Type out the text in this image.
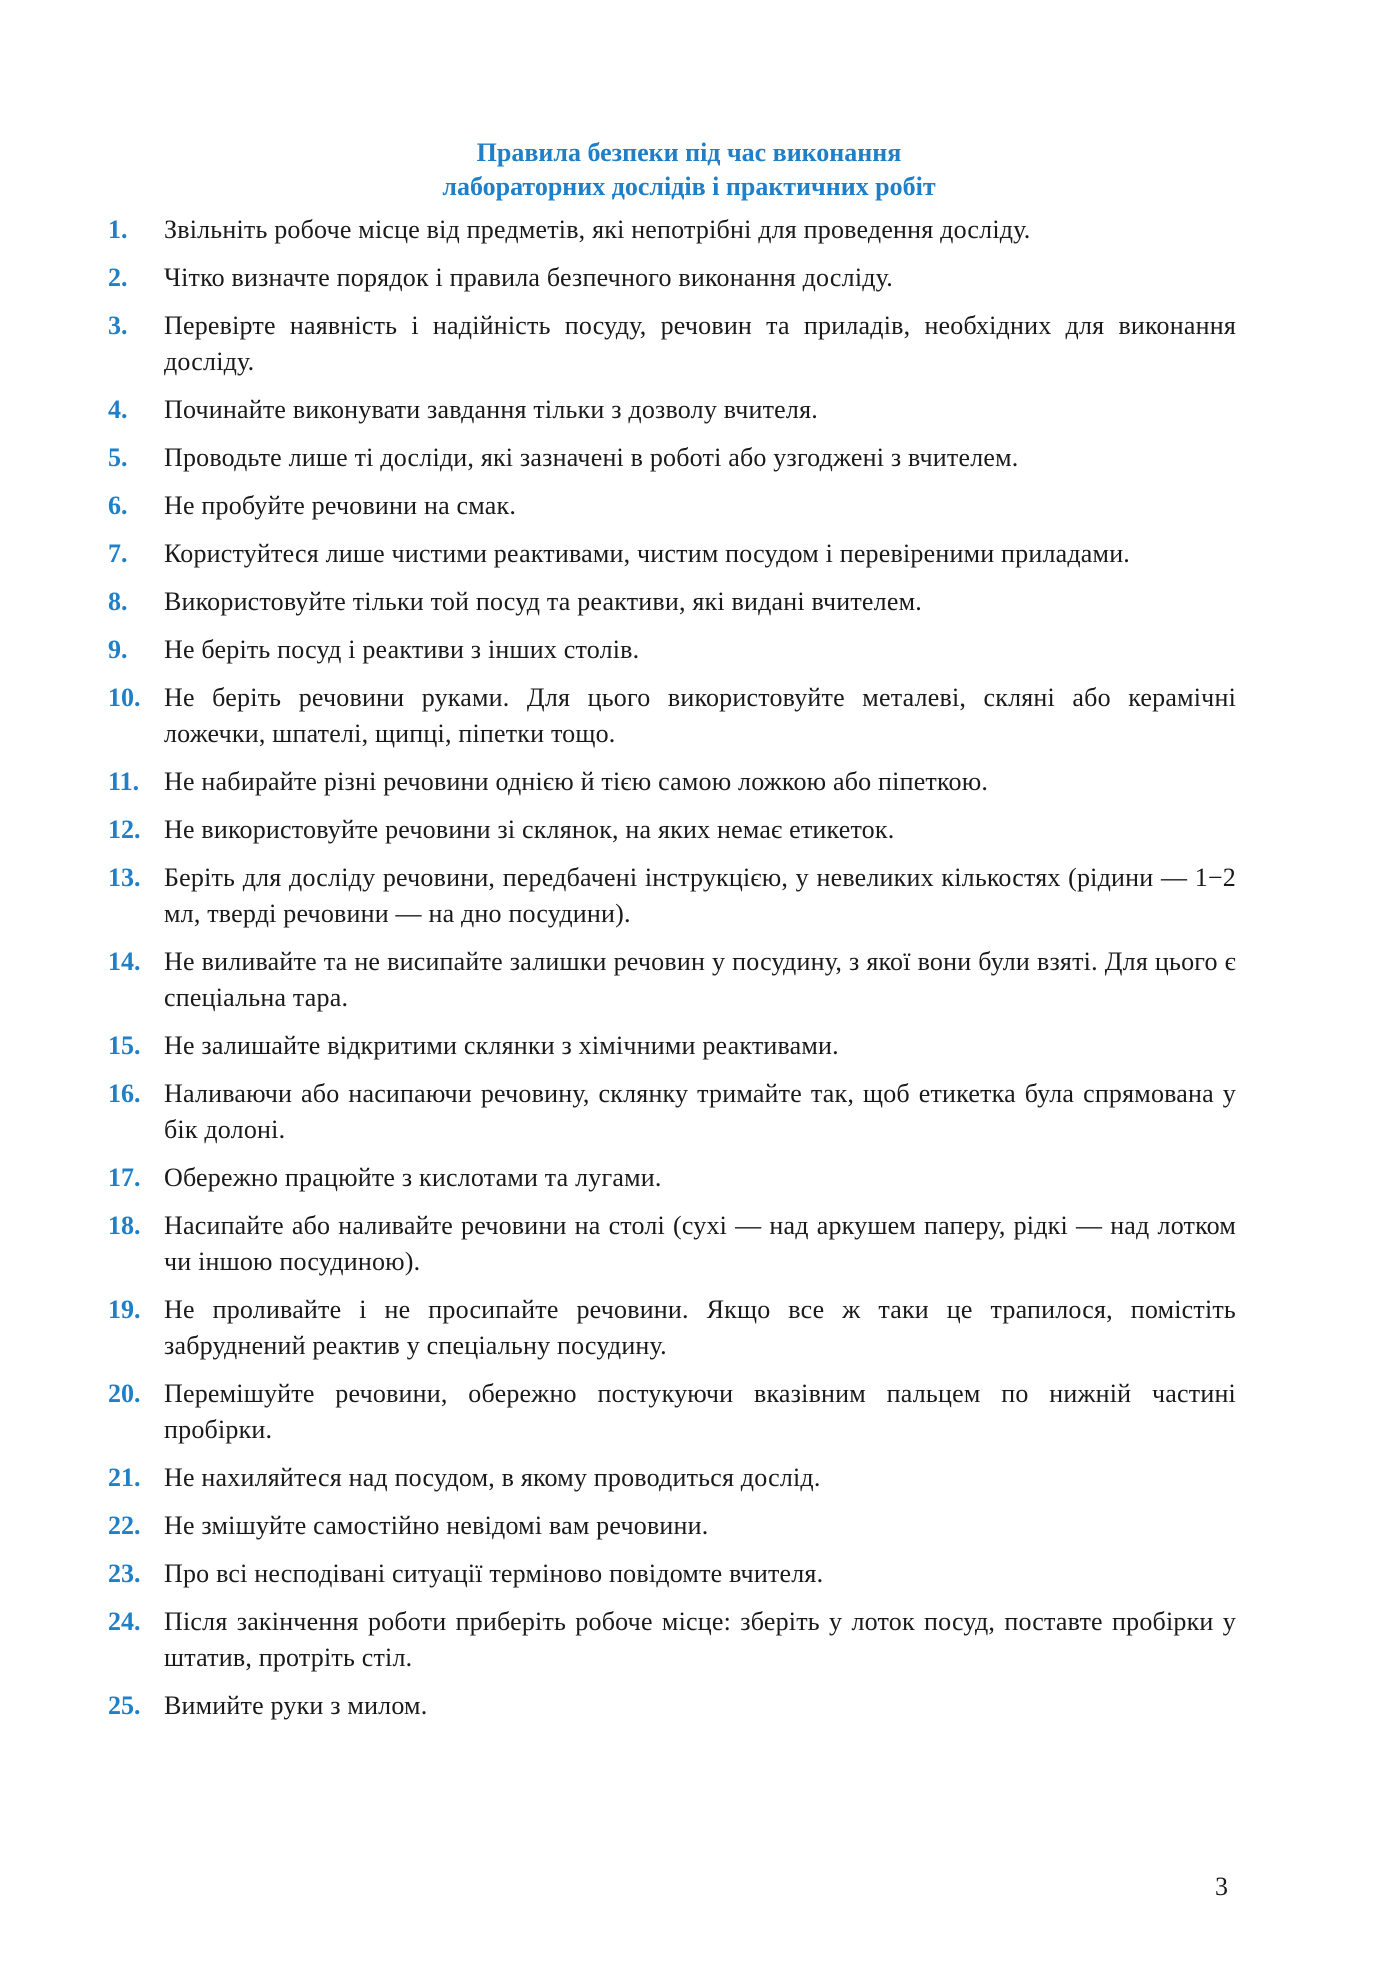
Правила безпеки під час виконання
лабораторних дослідів і практичних робіт
1.	Звільніть робоче місце від предметів, які непотрібні для проведення досліду.
2.	Чітко визначте порядок і правила безпечного виконання досліду.
3.	Перевірте наявність і надійність посуду, речовин та приладів, необхідних для виконання досліду.
4.	Починайте виконувати завдання тільки з дозволу вчителя.
5.	Проводьте лише ті досліди, які зазначені в роботі або узгоджені з вчителем.
6.	Не пробуйте речовини на смак.
7.	Користуйтеся лише чистими реактивами, чистим посудом і перевіреними приладами.
8.	Використовуйте тільки той посуд та реактиви, які видані вчителем.
9.	Не беріть посуд і реактиви з інших столів.
10. Не беріть речовини руками. Для цього використовуйте металеві, скляні або керамічні ложечки, шпателі, щипці, піпетки тощо.
11. Не набирайте різні речовини однією й тією самою ложкою або піпеткою.
12. Не використовуйте речовини зі склянок, на яких немає етикеток.
13. Беріть для досліду речовини, передбачені інструкцією, у невеликих кількостях (рідини — 1−2 мл, тверді речовини — на дно посудини).
14. Не виливайте та не висипайте залишки речовин у посудину, з якої вони були взяті. Для цього є спеціальна тара.
15. Не залишайте відкритими склянки з хімічними реактивами.
16. Наливаючи або насипаючи речовину, склянку тримайте так, щоб етикетка була спрямована у бік долоні.
17. Обережно працюйте з кислотами та лугами.
18. Насипайте або наливайте речовини на столі (сухі — над аркушем паперу, рідкі — над лотком чи іншою посудиною).
19. Не проливайте і не просипайте речовини. Якщо все ж таки це трапилося, помістіть забруднений реактив у спеціальну посудину.
20. Перемішуйте речовини, обережно постукуючи вказівним пальцем по нижній частині пробірки.
21. Не нахиляйтеся над посудом, в якому проводиться дослід.
22. Не змішуйте самостійно невідомі вам речовини.
23. Про всі несподівані ситуації терміново повідомте вчителя.
24. Після закінчення роботи приберіть робоче місце: зберіть у лоток посуд, поставте пробірки у штатив, протріть стіл.
25. Вимийте руки з милом.
3
